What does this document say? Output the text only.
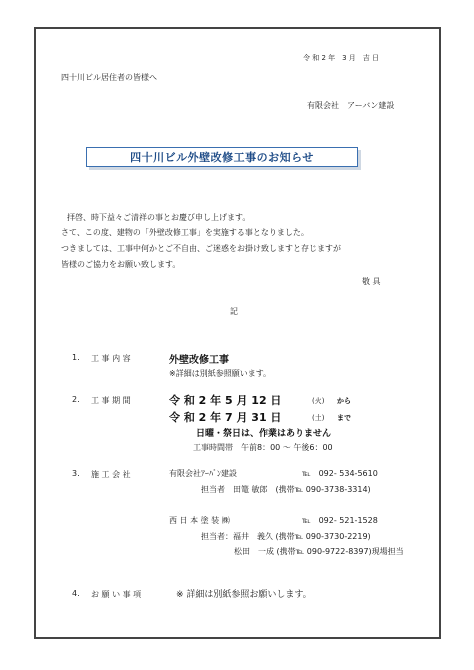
令 和 2 年　3 月　吉 日
四十川ビル居住者の皆様へ
有限会社　アーバン建設
四十川ビル外壁改修工事のお知らせ
拝啓、時下益々ご清祥の事とお慶び申し上げます。
さて、この度、建物の「外壁改修工事」を実施する事となりました。
つきましては、工事中何かとご不自由、ご迷惑をお掛け致しますと存じますが
皆様のご協力をお願い致します。
敬 具
記
1. 工 事 内 容	外壁改修工事
※詳細は別紙参照願います。
2. 工 事 期 間	令 和 2 年 5 月 12 日	(火) から
令 和 2 年 7 月 31 日	(土) まで
日曜・祭日は、作業はありません
工事時間帯　午前8：00 ～ 午後6：00
3. 施 工 会 社	有限会社ｱｰﾊﾞﾝ建設	℡　092- 534-5610
担当者　田篭 敏郎　(携帯℡ 090-3738-3314)
西 日 本 塗 装 ㈱	℡　092- 521-1528
担当者：福井　義久 (携帯℡ 090-3730-2219)
松田　一成 (携帯℡ 090-9722-8397)現場担当
4. お 願 い 事 項	※ 詳細は別紙参照お願いします。
